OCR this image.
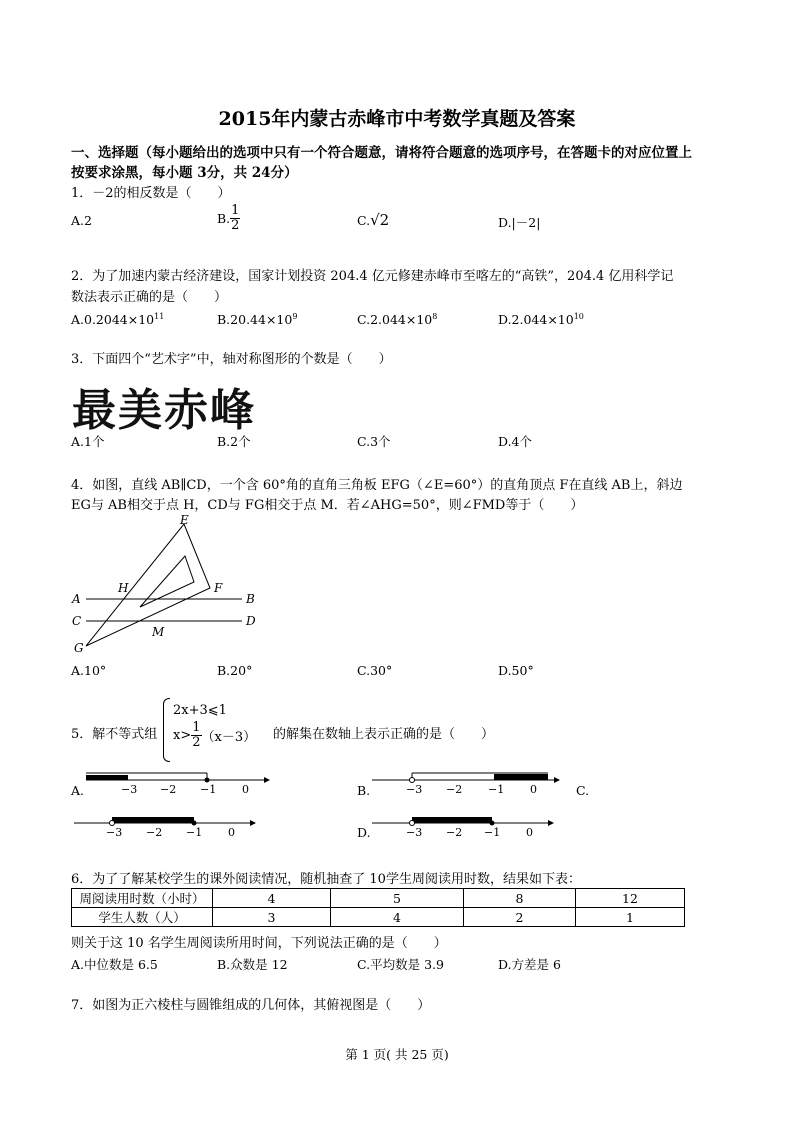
2015年内蒙古赤峰市中考数学真题及答案
一、选择题（每小题给出的选项中只有一个符合题意，请将符合题意的选项序号，在答题卡的对应位置上
按要求涂黑，每小题 3分，共 24分）
1．－2的相反数是（　　）
A.2	B. $\frac{1}{2}$	C.√2	D.|－2|
2．为了加速内蒙古经济建设，国家计划投资 204.4 亿元修建赤峰市至喀左的“高铁”，204.4 亿用科学记
数法表示正确的是（　　）
$A.0.2044\times 10^{11}$	$B.20.44\times 10^9$	$C.2.044\times 10^8$	$D.2.044\times 10^{10}$
3．下面四个“艺术字”中，轴对称图形的个数是（　　）
最美赤峰
A.1个	B.2个	C.3个	D.4个
4．如图，直线 AB∥CD，一个含 60°角的直角三角板 EFG（∠E=60°）的直角顶点 F在直线 AB上，斜边
EG与 AB相交于点 H，CD与 FG相交于点 M．若∠AHG=50°，则∠FMD等于（　　）
E
H	F
A	B
C	D
M
G
A.10°	B.20°	C.30°	D.50°
5．解不等式组
2x+3⩽1
$x> \frac{1}{2} (x-3)$ 的解集在数轴上表示正确的是（　　）
A.	−3 −2 −1 0	B.	−3 −2 −1 0	C.
−3 −2 −1 0	D.	−3 −2 −1 0
6．为了了解某校学生的课外阅读情况，随机抽查了 10学生周阅读用时数，结果如下表：
周阅读用时数（小时）	4	5	8	12
学生人数（人）	3	4	2	1
则关于这 10 名学生周阅读所用时间，下列说法正确的是（　　）
A.中位数是 6.5	B.众数是 12	C.平均数是 3.9	D.方差是 6
7．如图为正六棱柱与圆锥组成的几何体，其俯视图是（　　）
第 1 页( 共 25 页)
